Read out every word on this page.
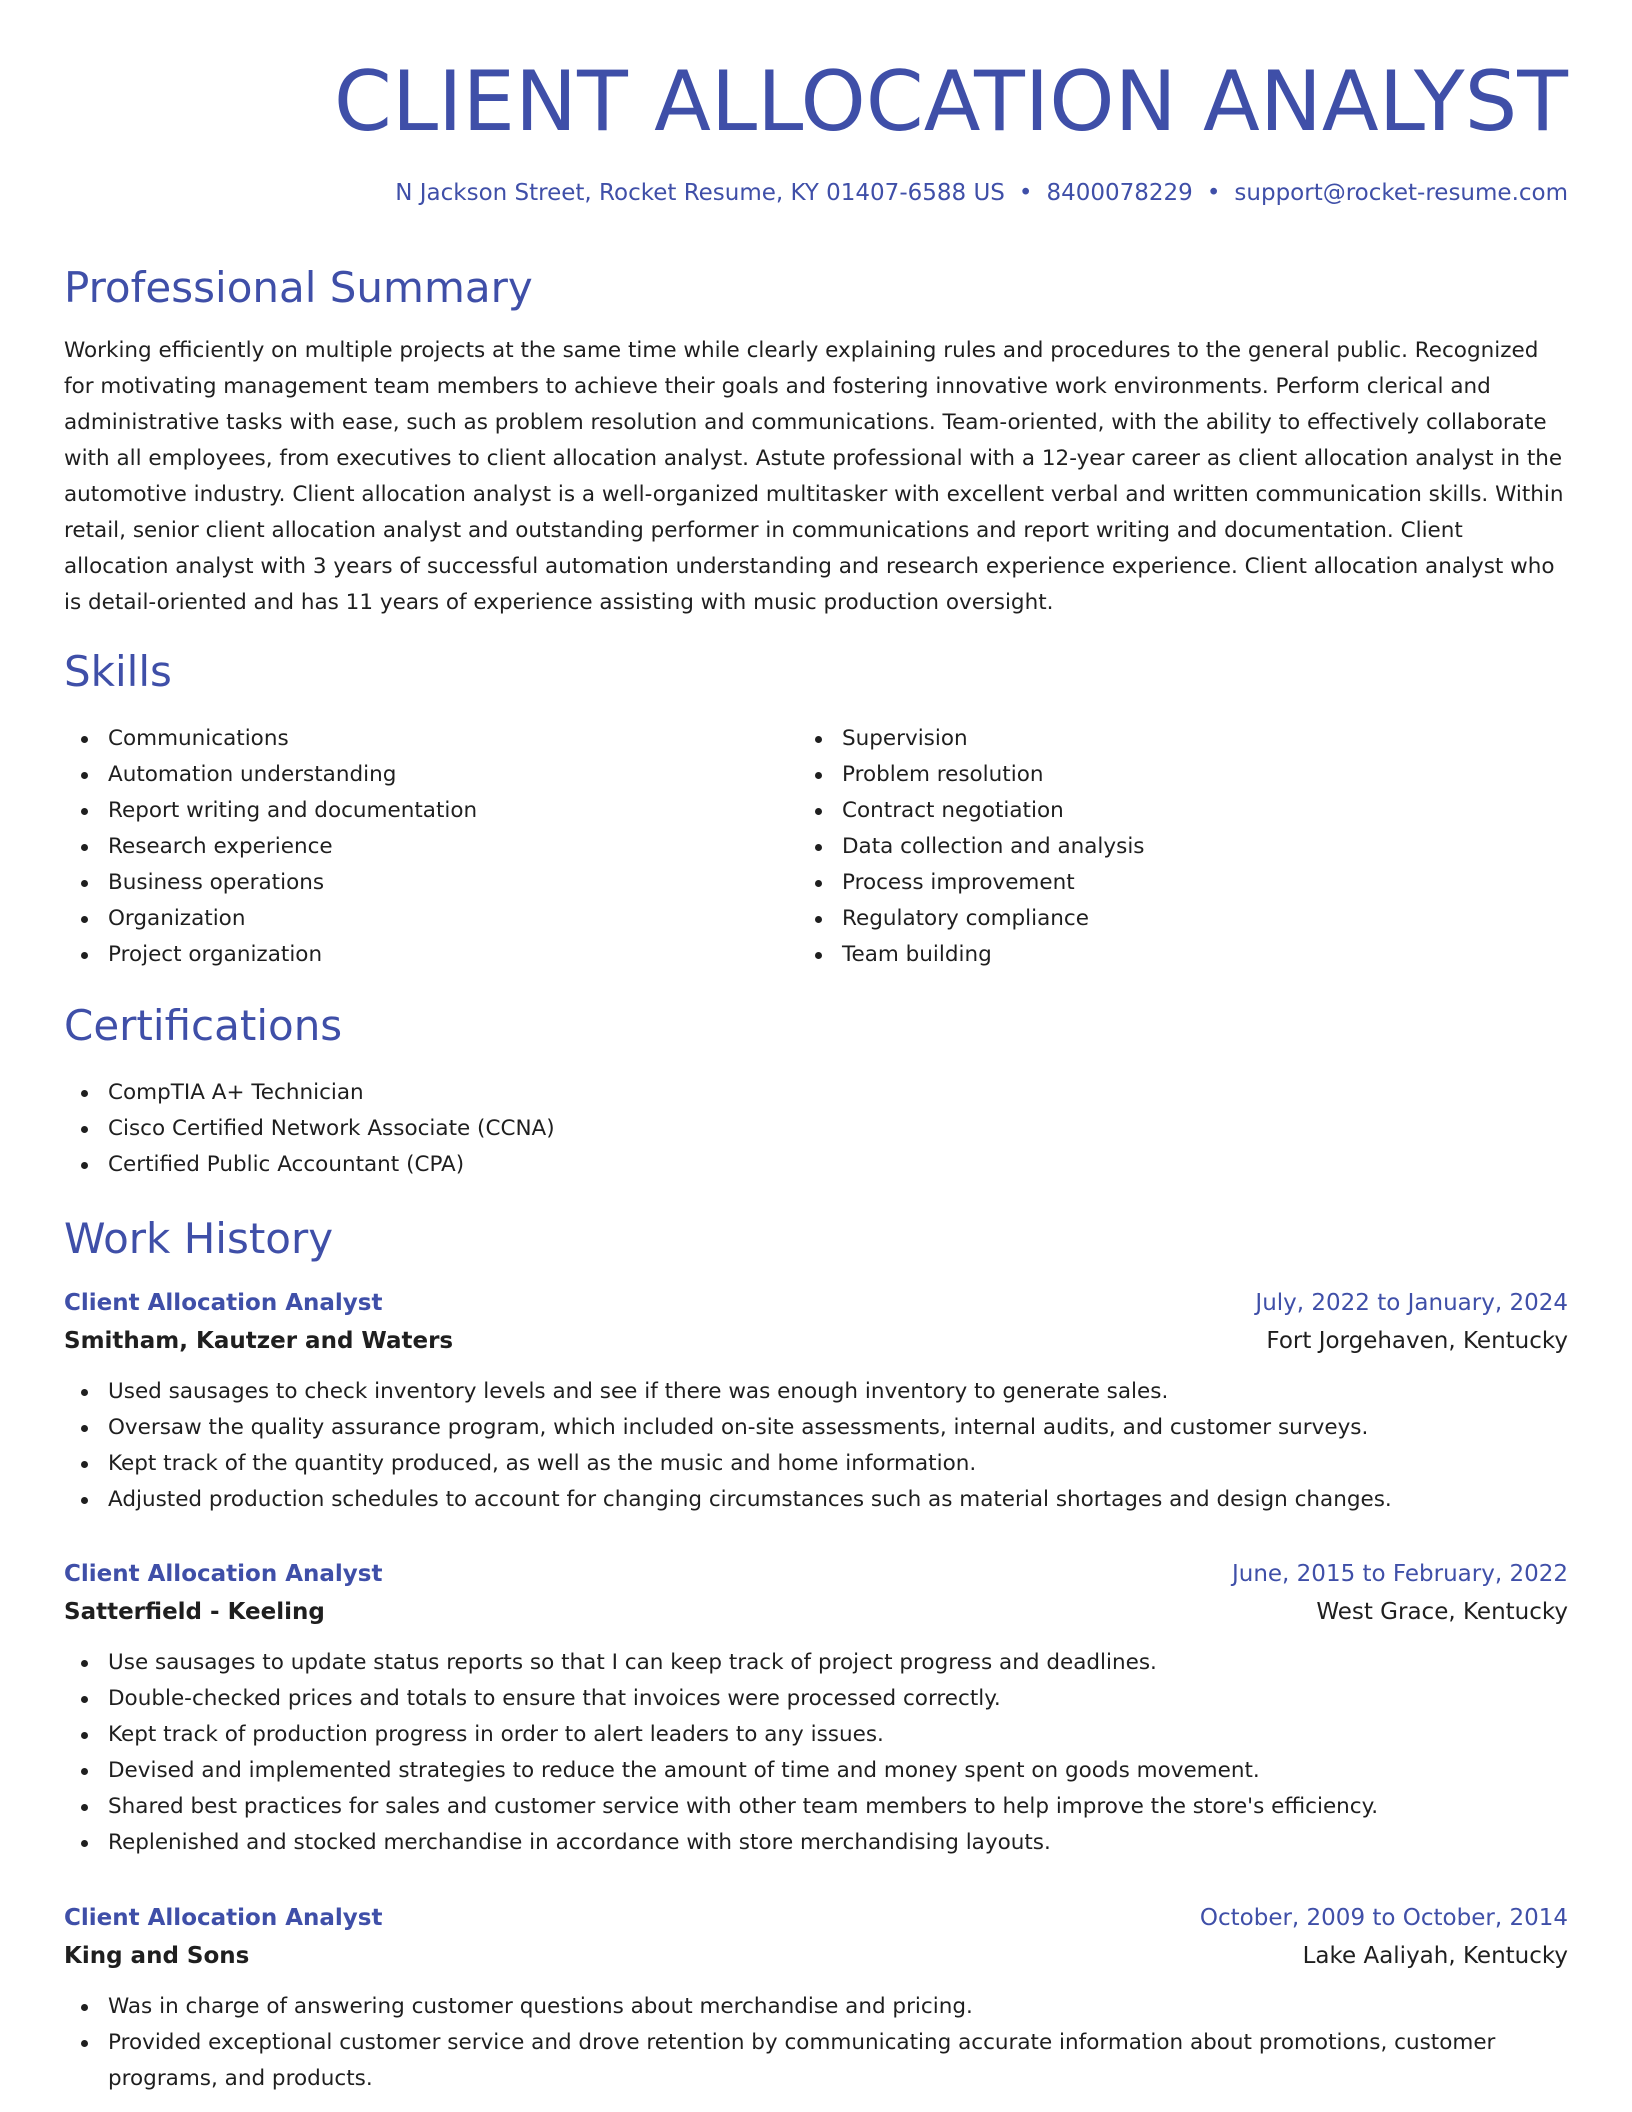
CLIENT ALLOCATION ANALYST
N Jackson Street, Rocket Resume, KY 01407-6588 US • 8400078229 • support@rocket-resume.com
Professional Summary

Working efficiently on multiple projects at the same time while clearly explaining rules and procedures to the general public. Recognized for motivating management team members to achieve their goals and fostering innovative work environments. Perform clerical and administrative tasks with ease, such as problem resolution and communications. Team-oriented, with the ability to effectively collaborate with all employees, from executives to client allocation analyst. Astute professional with a 12-year career as client allocation analyst in the automotive industry. Client allocation analyst is a well-organized multitasker with excellent verbal and written communication skills. Within retail, senior client allocation analyst and outstanding performer in communications and report writing and documentation. Client allocation analyst with 3 years of successful automation understanding and research experience experience. Client allocation analyst who is detail-oriented and has 11 years of experience assisting with music production oversight.

Skills
Communications
Automation understanding
Report writing and documentation
Research experience
Business operations
Organization
Project organization
Supervision
Problem resolution
Contract negotiation
Data collection and analysis
Process improvement
Regulatory compliance
Team building
Certifications
CompTIA A+ Technician
Cisco Certified Network Associate (CCNA)
Certified Public Accountant (CPA)
Work History
Client Allocation Analyst	July, 2022 to January, 2024
Smitham, Kautzer and Waters	Fort Jorgehaven, Kentucky
Used sausages to check inventory levels and see if there was enough inventory to generate sales.
Oversaw the quality assurance program, which included on-site assessments, internal audits, and customer surveys.
Kept track of the quantity produced, as well as the music and home information.
Adjusted production schedules to account for changing circumstances such as material shortages and design changes.
Client Allocation Analyst	June, 2015 to February, 2022
Satterfield - Keeling	West Grace, Kentucky
Use sausages to update status reports so that I can keep track of project progress and deadlines.
Double-checked prices and totals to ensure that invoices were processed correctly.
Kept track of production progress in order to alert leaders to any issues.
Devised and implemented strategies to reduce the amount of time and money spent on goods movement.
Shared best practices for sales and customer service with other team members to help improve the store's efficiency.
Replenished and stocked merchandise in accordance with store merchandising layouts.
Client Allocation Analyst	October, 2009 to October, 2014
King and Sons	Lake Aaliyah, Kentucky
Was in charge of answering customer questions about merchandise and pricing.
Provided exceptional customer service and drove retention by communicating accurate information about promotions, customer programs, and products.
